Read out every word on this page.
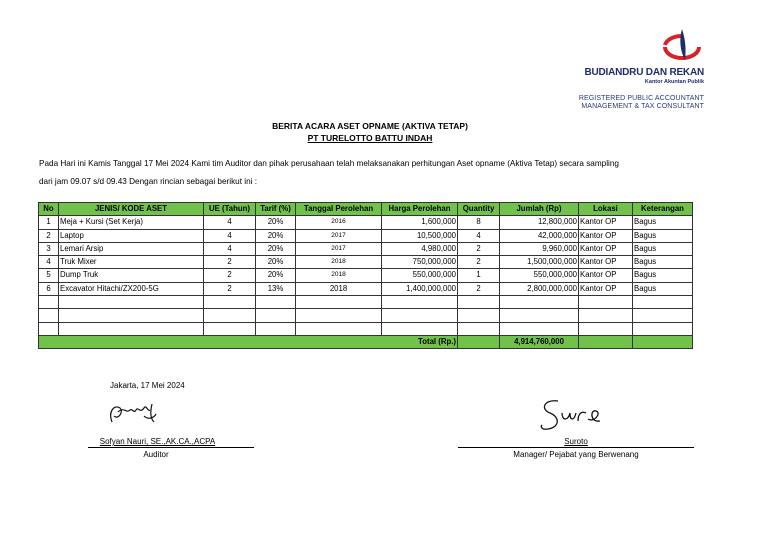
BUDIANDRU DAN REKAN
Kantor Akuntan Publik
REGISTERED PUBLIC ACCOUNTANT
MANAGEMENT & TAX CONSULTANT
BERITA ACARA ASET OPNAME (AKTIVA TETAP)
PT TURELOTTO BATTU INDAH
Pada Hari ini Kamis Tanggal 17 Mei 2024 Kami tim Auditor dan pihak perusahaan telah melaksanakan perhitungan Aset opname (Aktiva Tetap) secara sampling
dari jam 09.07 s/d 09.43 Dengan rincian sebagai berikut ini :
No	JENIS/ KODE ASET	UE (Tahun)	Tarif (%)	Tanggal Perolehan	Harga Perolehan	Quantity	Jumlah (Rp)	Lokasi	Keterangan
1	Meja + Kursi (Set Kerja)	4	20%	2016	1,600,000	8	12,800,000	Kantor OP	Bagus
2	Laptop	4	20%	2017	10,500,000	4	42,000,000	Kantor OP	Bagus
3	Lemari Arsip	4	20%	2017	4,980,000	2	9,960,000	Kantor OP	Bagus
4	Truk Mixer	2	20%	2018	750,000,000	2	1,500,000,000	Kantor OP	Bagus
5	Dump Truk	2	20%	2018	550,000,000	1	550,000,000	Kantor OP	Bagus
6	Excavator Hitachi/ZX200-5G	2	13%	2018	1,400,000,000	2	2,800,000,000	Kantor OP	Bagus

Total (Rp.)							4,914,760,000		
Jakarta, 17 Mei 2024
Sofyan Nauri, SE.,AK.CA.,ACPA
Auditor
Suroto
Manager/ Pejabat yang Berwenang
